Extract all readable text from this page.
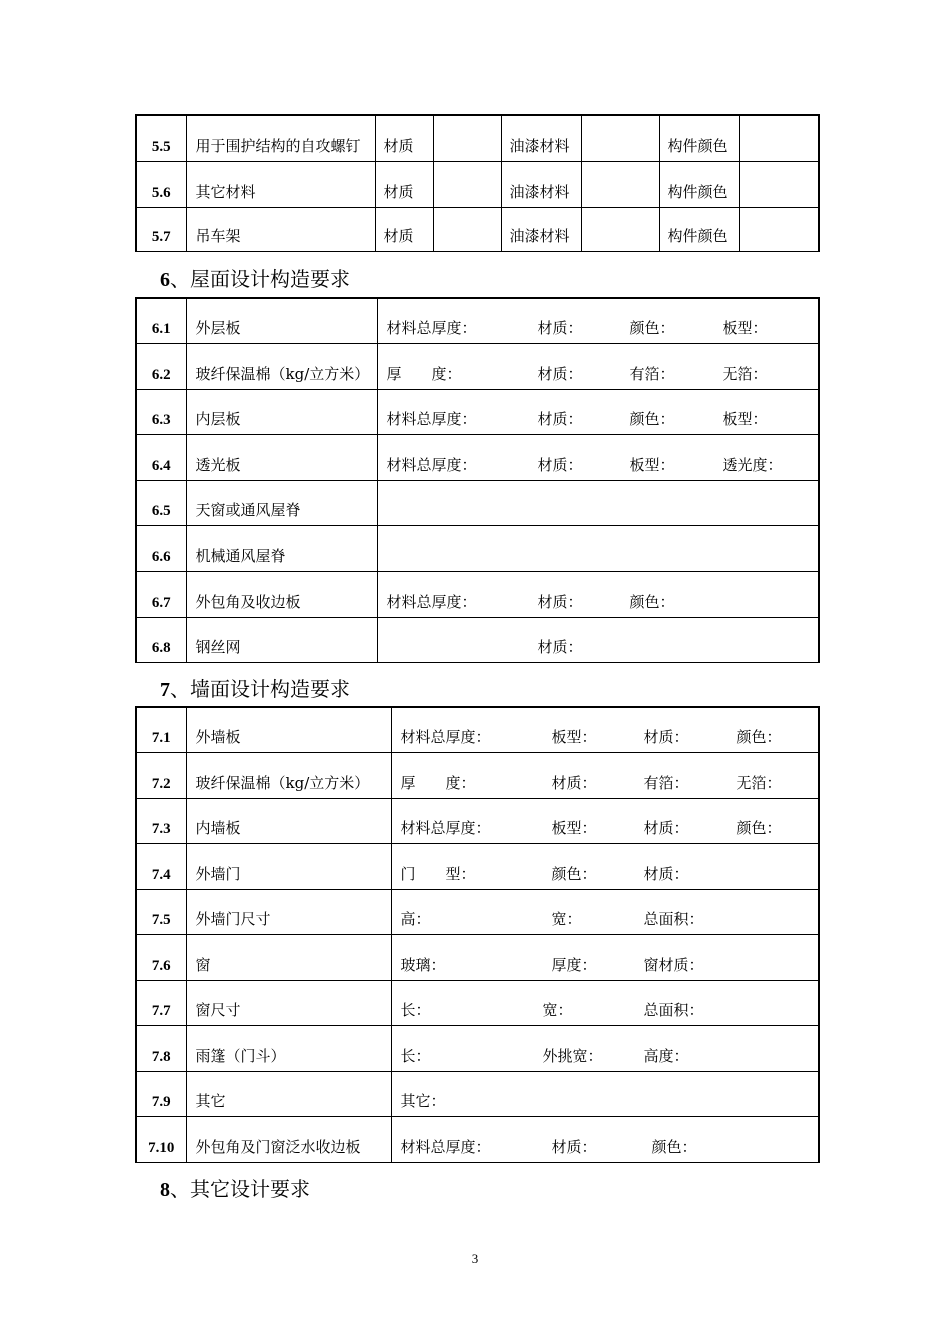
5.5	用于围护结构的自攻螺钉	材质		油漆材料		构件颜色	
5.6	其它材料	材质		油漆材料		构件颜色	
5.7	吊车架	材质		油漆材料		构件颜色	
6、屋面设计构造要求
6.1	外层板	材料总厚度： 材质： 颜色： 板型：

6.2	玻纤保温棉（kg/立方米）	厚　　度： 材质： 有箔： 无箔：

6.3	内层板	材料总厚度： 材质： 颜色： 板型：

6.4	透光板	材料总厚度： 材质： 板型： 透光度：

6.5	天窗或通风屋脊	

6.6	机械通风屋脊	

6.7	外包角及收边板	材料总厚度： 材质： 颜色：

6.8	钢丝网	材质：
7、墙面设计构造要求
7.1	外墙板	材料总厚度： 板型： 材质： 颜色：

7.2	玻纤保温棉（kg/立方米）	厚　　度： 材质： 有箔： 无箔：

7.3	内墙板	材料总厚度： 板型： 材质： 颜色：

7.4	外墙门	门　　型： 颜色： 材质：

7.5	外墙门尺寸	高： 宽： 总面积：

7.6	窗	玻璃： 厚度： 窗材质：

7.7	窗尺寸	长： 宽： 总面积：

7.8	雨篷（门斗）	长： 外挑宽： 高度：

7.9	其它	其它：

7.10	外包角及门窗泛水收边板	材料总厚度： 材质： 颜色：
8、其它设计要求
3
